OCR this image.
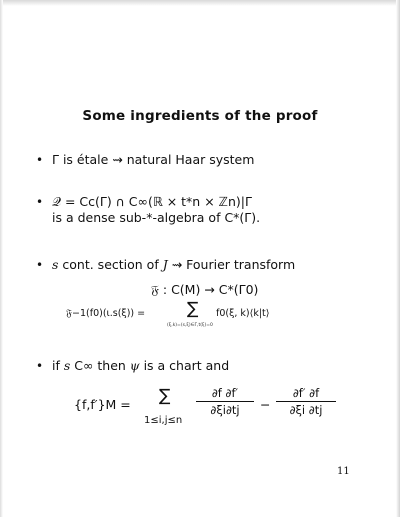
Some ingredients of the proof
• Γ is étale ⇝ natural Haar system
• 𝒬 = Cc(Γ) ∩ C∞(ℝ × t*n × ℤn)|Γ
is a dense sub-*-algebra of C*(Γ).
• s cont. section of J ⇝ Fourier transform
𝔉 : C(M) → C*(Γ0)
𝔉−1(f0)(ι.s(ξ)) = ∑
(ξ,k)=(s,ξ)∈Γ,t(ξ)=0
f0(ξ, k)⟨k|t⟩
• if s C∞ then ψ is a chart and
{f,f′}M = ∑
1≤i,j≤n
$\frac{\partial f \partial f'}{\partial\xi i\partial tj} - \frac{\partial f' \partial f}{\partial\xi i \partial tj}$
11
